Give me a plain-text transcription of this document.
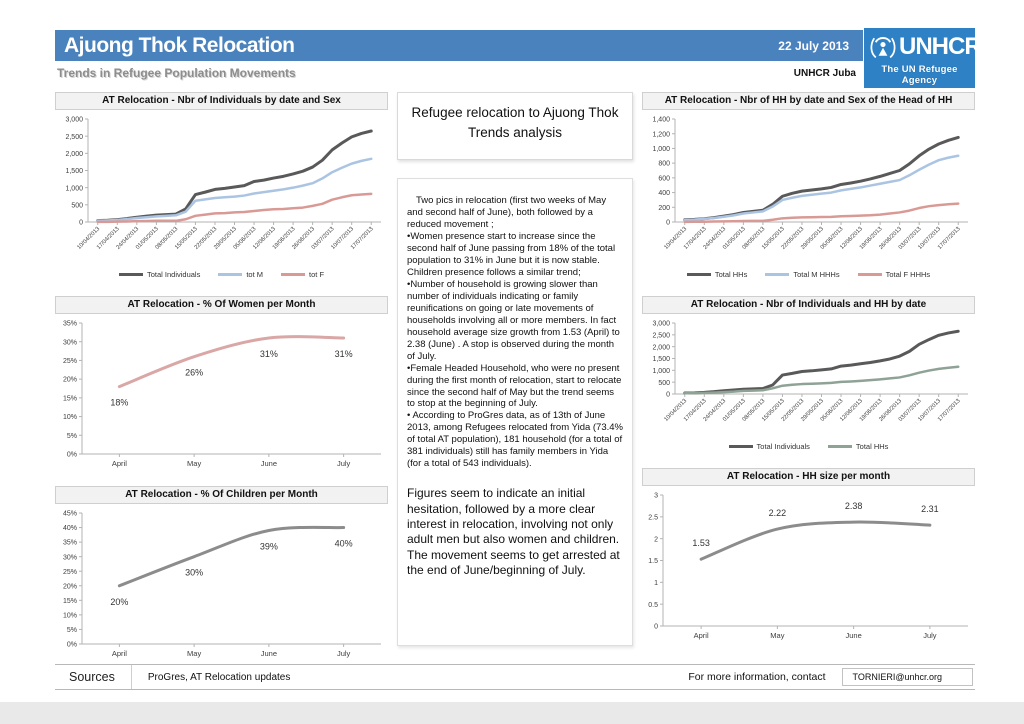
Ajuong Thok Relocation	22 July 2013	UNHCR
The UN Refugee Agency
Trends in Refugee Population Movements	UNHCR Juba
AT Relocation - Nbr of Individuals by date and Sex
0
500
1,000
1,500
2,000
2,500
3,000
10/04/2013
17/04/2013
24/04/2013
01/05/2013
08/05/2013
15/05/2013
22/05/2013
29/05/2013
05/06/2013
12/06/2013
19/06/2013
26/06/2013
03/07/2013
10/07/2013
17/07/2013
Total Individuals	tot M	tot F
AT Relocation - % Of Women per Month
0%
5%
10%
15%
20%
25%
30%
35%
April	May	June	July
18%
26%
31%	31%
AT Relocation - % Of Children per Month
0%
5%
10%
15%
20%
25%
30%
35%
40%
45%
April	May	June	July
20%
30%
39%	40%
Refugee relocation to Ajuong Thok Trends analysis

Two pics in relocation (first two weeks of May and second half of June), both followed by a reduced movement ;

•Women presence start to increase since the second half of June passing from 18% of the total population to 31% in June but it is now stable. Children presence follows a similar trend;

•Number of household is growing slower than number of individuals indicating or family reunifications on going or late movements of households involving all or more members. In fact household average size growth from 1.53 (April) to 2.38 (June) . A stop is observed during the month of July.

•Female Headed Household, who were no present during the first month of relocation, start to relocate since the second half of May but the trend seems to stop at the beginning of July.

• According to ProGres data, as of 13th of June 2013, among Refugees relocated from Yida (73.4% of total AT population), 181 household (for a total of 381 individuals) still has family members in Yida (for a total of 543 individuals).

Figures seem to indicate an initial hesitation, followed by a more clear interest in relocation, involving not only adult men but also women and children. The movement seems to get arrested at the end of June/beginning of July.

AT Relocation - Nbr of HH by date and Sex of the Head of HH
0
200
400
600
800
1,000
1,200
1,400
10/04/2013
17/04/2013
24/04/2013
01/05/2013
08/05/2013
15/05/2013
22/05/2013
29/05/2013
05/06/2013
12/06/2013
19/06/2013
26/06/2013
03/07/2013
10/07/2013
17/07/2013
Total HHs	Total M HHHs	Total F HHHs
AT Relocation - Nbr of Individuals and HH by date
0
500
1,000
1,500
2,000
2,500
3,000
10/04/2013
17/04/2013
24/04/2013
01/05/2013
08/05/2013
15/05/2013
22/05/2013
29/05/2013
05/06/2013
12/06/2013
19/06/2013
26/06/2013
03/07/2013
10/07/2013
17/07/2013
Total Individuals	Total HHs
AT Relocation - HH size per month
0
0.5
1
1.5
2
2.5
3
April	May	June	July
1.53
2.22
2.38	2.31
Sources	ProGres, AT Relocation updates	For more information, contact	TORNIERI@unhcr.org
